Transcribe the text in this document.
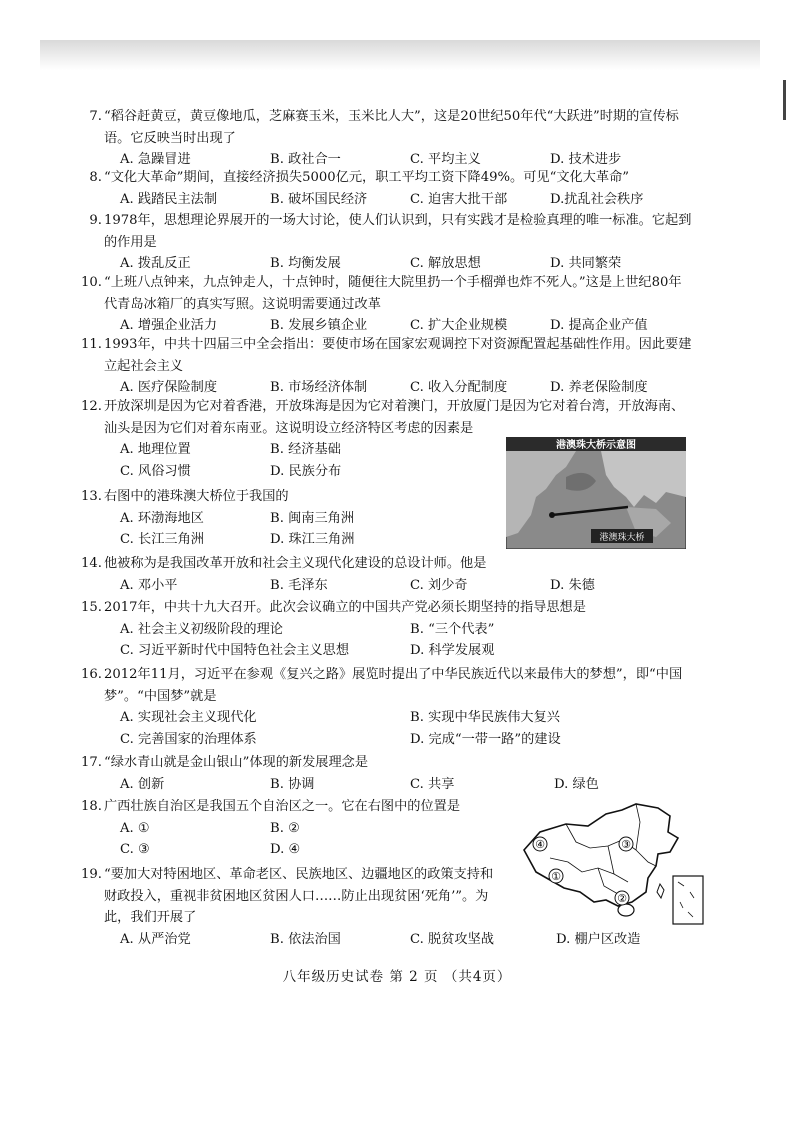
7. “稻谷赶黄豆，黄豆像地瓜，芝麻赛玉米，玉米比人大”，这是20世纪50年代“大跃进”时期的宣传标语。它反映当时出现了
A. 急躁冒进	B. 政社合一	C. 平均主义	D. 技术进步
8. “文化大革命”期间，直接经济损失5000亿元，职工平均工资下降49%。可见“文化大革命”
A. 践踏民主法制	B. 破坏国民经济	C. 迫害大批干部	D.扰乱社会秩序
9. 1978年，思想理论界展开的一场大讨论，使人们认识到，只有实践才是检验真理的唯一标准。它起到的作用是
A. 拨乱反正	B. 均衡发展	C. 解放思想	D. 共同繁荣
10. “上班八点钟来，九点钟走人，十点钟时，随便往大院里扔一个手榴弹也炸不死人。”这是上世纪80年代青岛冰箱厂的真实写照。这说明需要通过改革
A. 增强企业活力	B. 发展乡镇企业	C. 扩大企业规模	D. 提高企业产值
11. 1993年，中共十四届三中全会指出：要使市场在国家宏观调控下对资源配置起基础性作用。因此要建立起社会主义
A. 医疗保险制度	B. 市场经济体制	C. 收入分配制度	D. 养老保险制度
12. 开放深圳是因为它对着香港，开放珠海是因为它对着澳门，开放厦门是因为它对着台湾，开放海南、汕头是因为它们对着东南亚。这说明设立经济特区考虑的因素是
A. 地理位置	B. 经济基础
C. 风俗习惯	D. 民族分布
13. 右图中的港珠澳大桥位于我国的
A. 环渤海地区	B. 闽南三角洲
C. 长江三角洲	D. 珠江三角洲
港澳珠大桥示意图
港澳珠大桥
14. 他被称为是我国改革开放和社会主义现代化建设的总设计师。他是
A. 邓小平	B. 毛泽东	C. 刘少奇	D. 朱德
15. 2017年，中共十九大召开。此次会议确立的中国共产党必须长期坚持的指导思想是
A. 社会主义初级阶段的理论	B. “三个代表”
C. 习近平新时代中国特色社会主义思想	D. 科学发展观
16. 2012年11月，习近平在参观《复兴之路》展览时提出了中华民族近代以来最伟大的梦想”，即“中国梦”。“中国梦”就是
A. 实现社会主义现代化	B. 实现中华民族伟大复兴
C. 完善国家的治理体系	D. 完成“一带一路”的建设
17. “绿水青山就是金山银山”体现的新发展理念是
A. 创新	B. 协调	C. 共享	D. 绿色
18. 广西壮族自治区是我国五个自治区之一。它在右图中的位置是
A. ①	B. ②
C. ③	D. ④
19. “要加大对特困地区、革命老区、民族地区、边疆地区的政策支持和财政投入，重视非贫困地区贫困人口……防止出现贫困‘死角’”。为此，我们开展了
A. 从严治党	B. 依法治国	C. 脱贫攻坚战	D. 棚户区改造
④	③
①
②
八年级历史试卷 第 2 页 （共4页）
